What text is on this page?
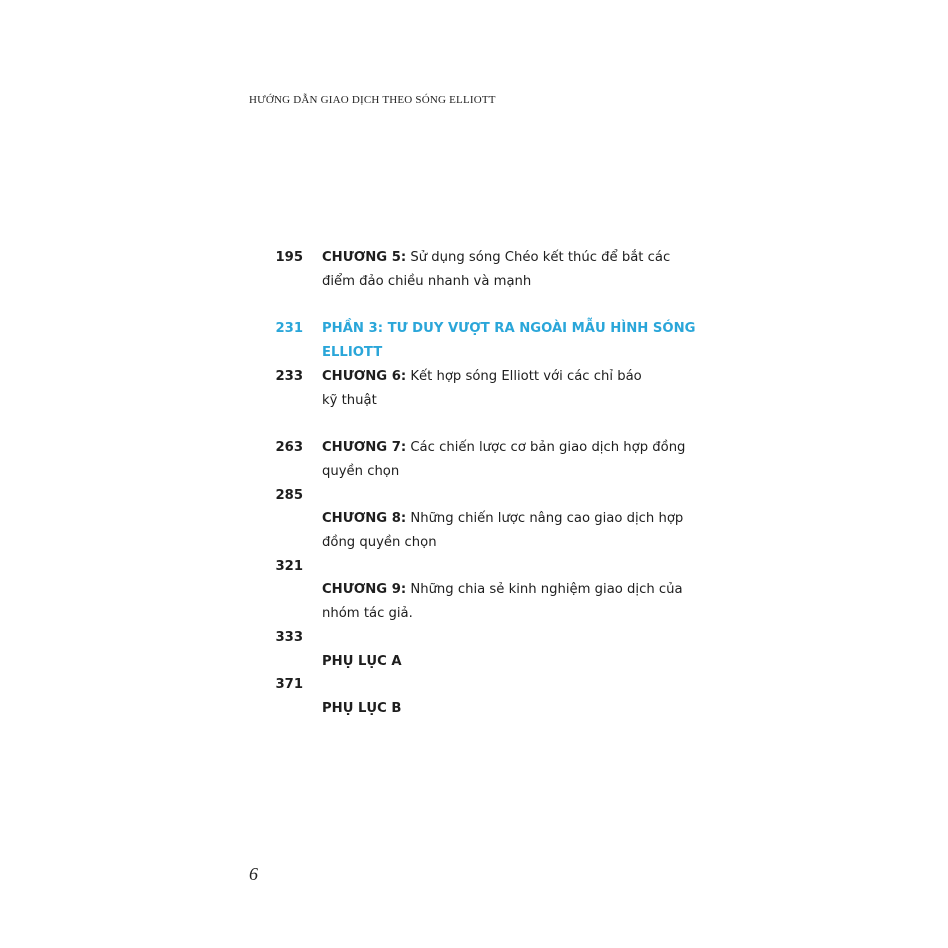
HƯỚNG DẪN GIAO DỊCH THEO SÓNG ELLIOTT
195 CHƯƠNG 5: Sử dụng sóng Chéo kết thúc để bắt các
điểm đảo chiều nhanh và mạnh
231 PHẦN 3: TƯ DUY VƯỢT RA NGOÀI MẪU HÌNH SÓNG
ELLIOTT
233 CHƯƠNG 6: Kết hợp sóng Elliott với các chỉ báo
kỹ thuật
263 CHƯƠNG 7: Các chiến lược cơ bản giao dịch hợp đồng
quyền chọn
285
CHƯƠNG 8: Những chiến lược nâng cao giao dịch hợp
đồng quyền chọn
321
CHƯƠNG 9: Những chia sẻ kinh nghiệm giao dịch của
nhóm tác giả.
333
PHỤ LỤC A
371
PHỤ LỤC B
6
